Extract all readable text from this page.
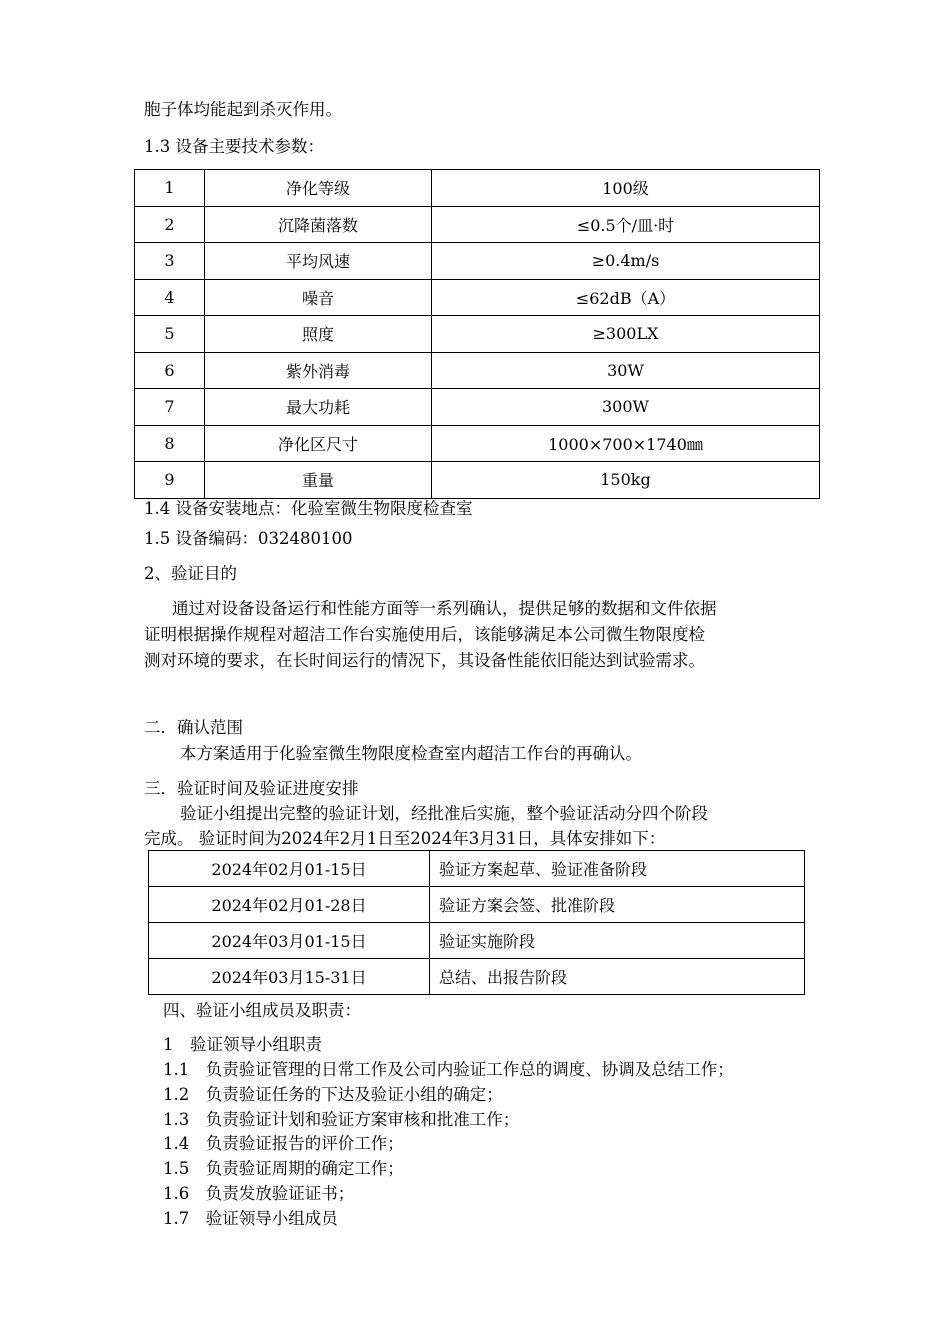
胞子体均能起到杀灭作用。
1.3 设备主要技术参数：
1	净化等级	100级
2	沉降菌落数	≤0.5个/皿·时
3	平均风速	≥0.4m/s
4	噪音	≤62dB（A）
5	照度	≥300LX
6	紫外消毒	30W
7	最大功耗	300W
8	净化区尺寸	1000×700×1740㎜
9	重量	150kg
1.4 设备安装地点：化验室微生物限度检查室
1.5 设备编码：032480100
2、验证目的
通过对设备设备运行和性能方面等一系列确认，提供足够的数据和文件依据
证明根据操作规程对超洁工作台实施使用后，该能够满足本公司微生物限度检
测对环境的要求，在长时间运行的情况下，其设备性能依旧能达到试验需求。
二．确认范围
本方案适用于化验室微生物限度检查室内超洁工作台的再确认。
三．验证时间及验证进度安排
验证小组提出完整的验证计划，经批准后实施，整个验证活动分四个阶段
完成。 验证时间为2024年2月1日至2024年3月31日，具体安排如下：
2024年02月01-15日	验证方案起草、验证准备阶段
2024年02月01-28日	验证方案会签、批准阶段
2024年03月01-15日	验证实施阶段
2024年03月15-31日	总结、出报告阶段
四、验证小组成员及职责：
1　验证领导小组职责
1.1　负责验证管理的日常工作及公司内验证工作总的调度、协调及总结工作；
1.2　负责验证任务的下达及验证小组的确定；
1.3　负责验证计划和验证方案审核和批准工作；
1.4　负责验证报告的评价工作；
1.5　负责验证周期的确定工作；
1.6　负责发放验证证书；
1.7　验证领导小组成员
